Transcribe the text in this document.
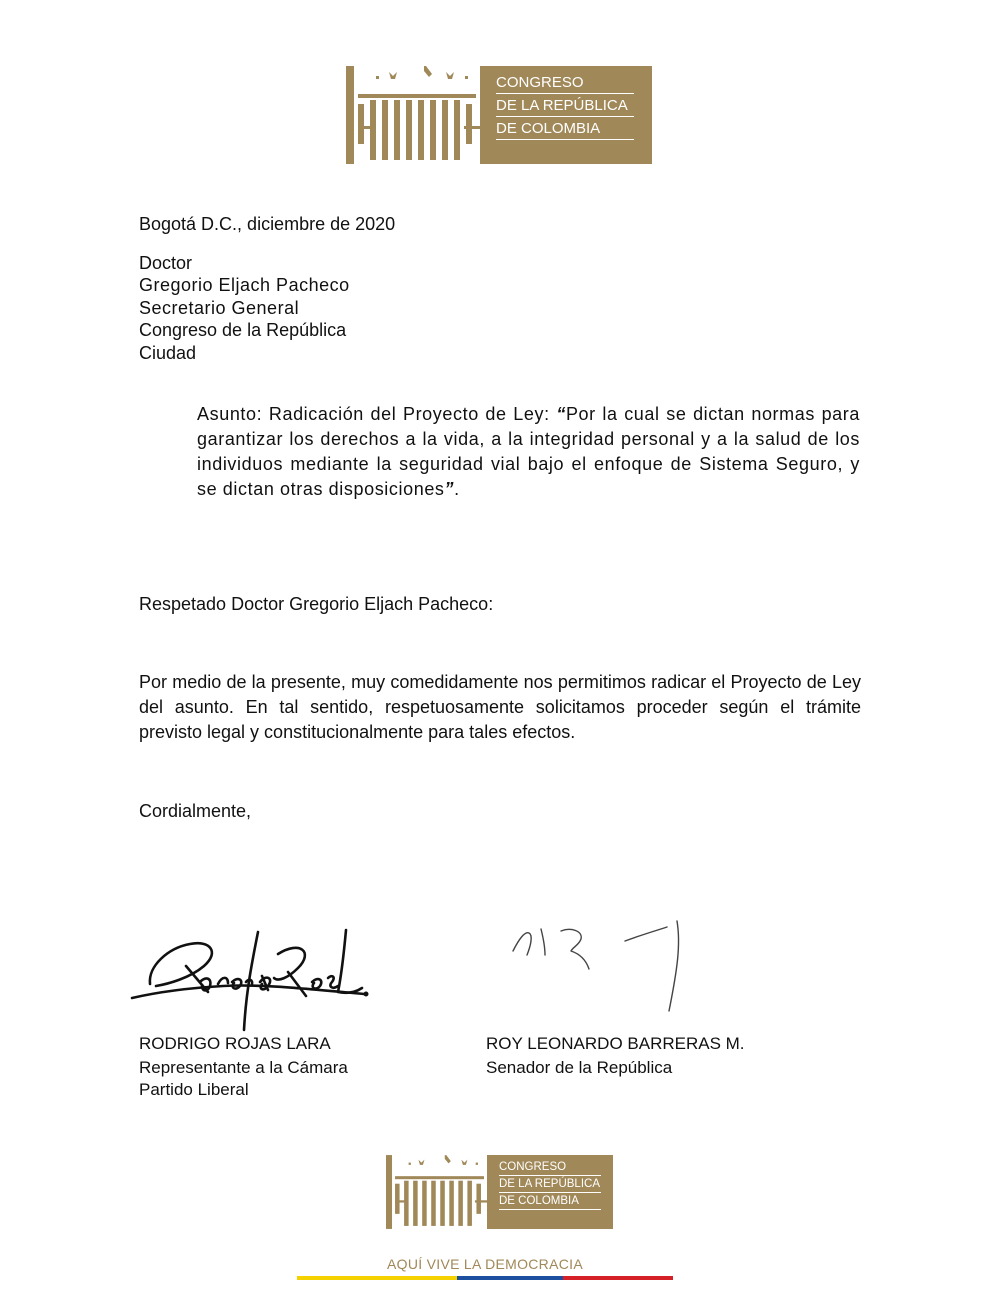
CONGRESO
DE LA REPÚBLICA
DE COLOMBIA
Bogotá D.C., diciembre de 2020
Doctor
Gregorio Eljach Pacheco
Secretario General
Congreso de la República
Ciudad
Asunto: Radicación del Proyecto de Ley: “Por la cual se dictan normas para garantizar los derechos a la vida, a la integridad personal y a la salud de los individuos mediante la seguridad vial bajo el enfoque de Sistema Seguro, y se dictan otras disposiciones”.
Respetado Doctor Gregorio Eljach Pacheco:
Por medio de la presente, muy comedidamente nos permitimos radicar el Proyecto de Ley del asunto. En tal sentido, respetuosamente solicitamos proceder según el trámite previsto legal y constitucionalmente para tales efectos.
Cordialmente,
RODRIGO ROJAS LARA
Representante a la Cámara
Partido Liberal
ROY LEONARDO BARRERAS M.
Senador de la República
CONGRESO
DE LA REPÚBLICA
DE COLOMBIA
AQUÍ VIVE LA DEMOCRACIA
